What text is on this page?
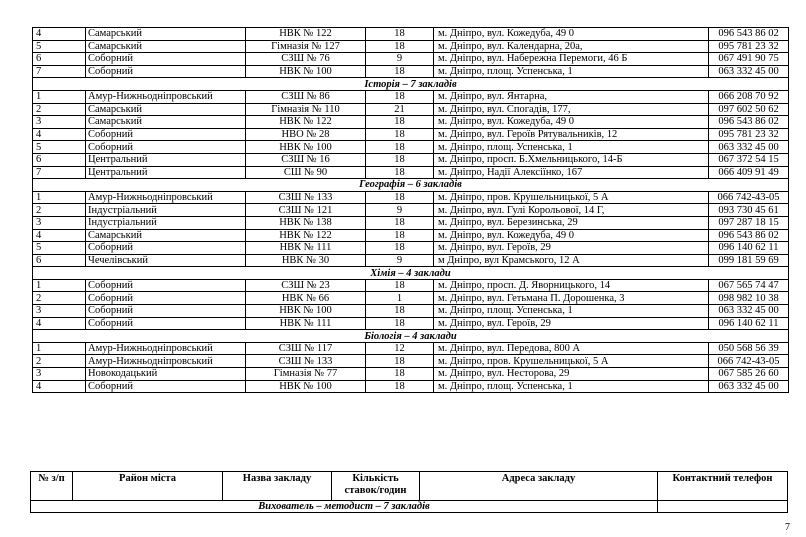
4	Самарський	НВК № 122	18	м. Дніпро, вул. Кожедуба, 49 0	096 543 86 02
5	Самарський	Гімназія № 127	18	м. Дніпро, вул. Календарна, 20а,	095 781 23 32
6	Соборний	СЗШ № 76	9	м. Дніпро, вул. Набережна Перемоги, 46 Б	067 491 90 75
7	Соборний	НВК № 100	18	м. Дніпро, площ. Успенська, 1	063 332 45 00
Історія – 7 закладів					
1	Амур-Нижньодніпровський	СЗШ № 86	18	м. Дніпро, вул. Янтарна,	066 208 70 92
2	Самарський	Гімназія № 110	21	м. Дніпро, вул. Спогадів, 177,	097 602 50 62
3	Самарський	НВК № 122	18	м. Дніпро, вул. Кожедуба, 49 0	096 543 86 02
4	Соборний	НВО № 28	18	м. Дніпро, вул. Героїв Рятувальників, 12	095 781 23 32
5	Соборний	НВК № 100	18	м. Дніпро, площ. Успенська, 1	063 332 45 00
6	Центральний	СЗШ № 16	18	м. Дніпро, просп. Б.Хмельницького, 14-Б	067 372 54 15
7	Центральний	СШ № 90	18	м. Дніпро, Надії Алексіїнко, 167	066 409 91 49
Географія – 6 закладів					
1	Амур-Нижньодніпровський	СЗШ № 133	18	м. Дніпро, пров. Крушельницької, 5 А	066 742-43-05
2	Індустріальний	СЗШ № 121	9	м. Дніпро, вул. Гулі Корольової, 14 Г,	093 730 45 61
3	Індустріальний	НВК № 138	18	м. Дніпро, вул. Березинська, 29	097 287 18 15
4	Самарський	НВК № 122	18	м. Дніпро, вул. Кожедуба, 49 0	096 543 86 02
5	Соборний	НВК № 111	18	м. Дніпро, вул. Героїв, 29	096 140 62 11
6	Чечелівський	НВК № 30	9	м Дніпро, вул Крамського, 12 А	099 181 59 69
Хімія – 4 заклади					
1	Соборний	СЗШ № 23	18	м. Дніпро, просп. Д. Яворницького, 14	067 565 74 47
2	Соборний	НВК № 66	1	м. Дніпро, вул. Гетьмана П. Дорошенка, 3	098 982 10 38
3	Соборний	НВК № 100	18	м. Дніпро, площ. Успенська, 1	063 332 45 00
4	Соборний	НВК № 111	18	м. Дніпро, вул. Героїв, 29	096 140 62 11
Біологія – 4 заклади					
1	Амур-Нижньодніпровський	СЗШ № 117	12	м. Дніпро, вул. Передова, 800 А	050 568 56 39
2	Амур-Нижньодніпровський	СЗШ № 133	18	м. Дніпро, пров. Крушельницької, 5 А	066 742-43-05
3	Новокодацький	Гімназія № 77	18	м. Дніпро, вул. Несторова, 29	067 585 26 60
4	Соборний	НВК № 100	18	м. Дніпро, площ. Успенська, 1	063 332 45 00
№ з/п	Район міста	Назва закладу	Кількість ставок/годин	Адреса закладу	Контактний телефон
Вихователь – методист – 7 закладів					
7
